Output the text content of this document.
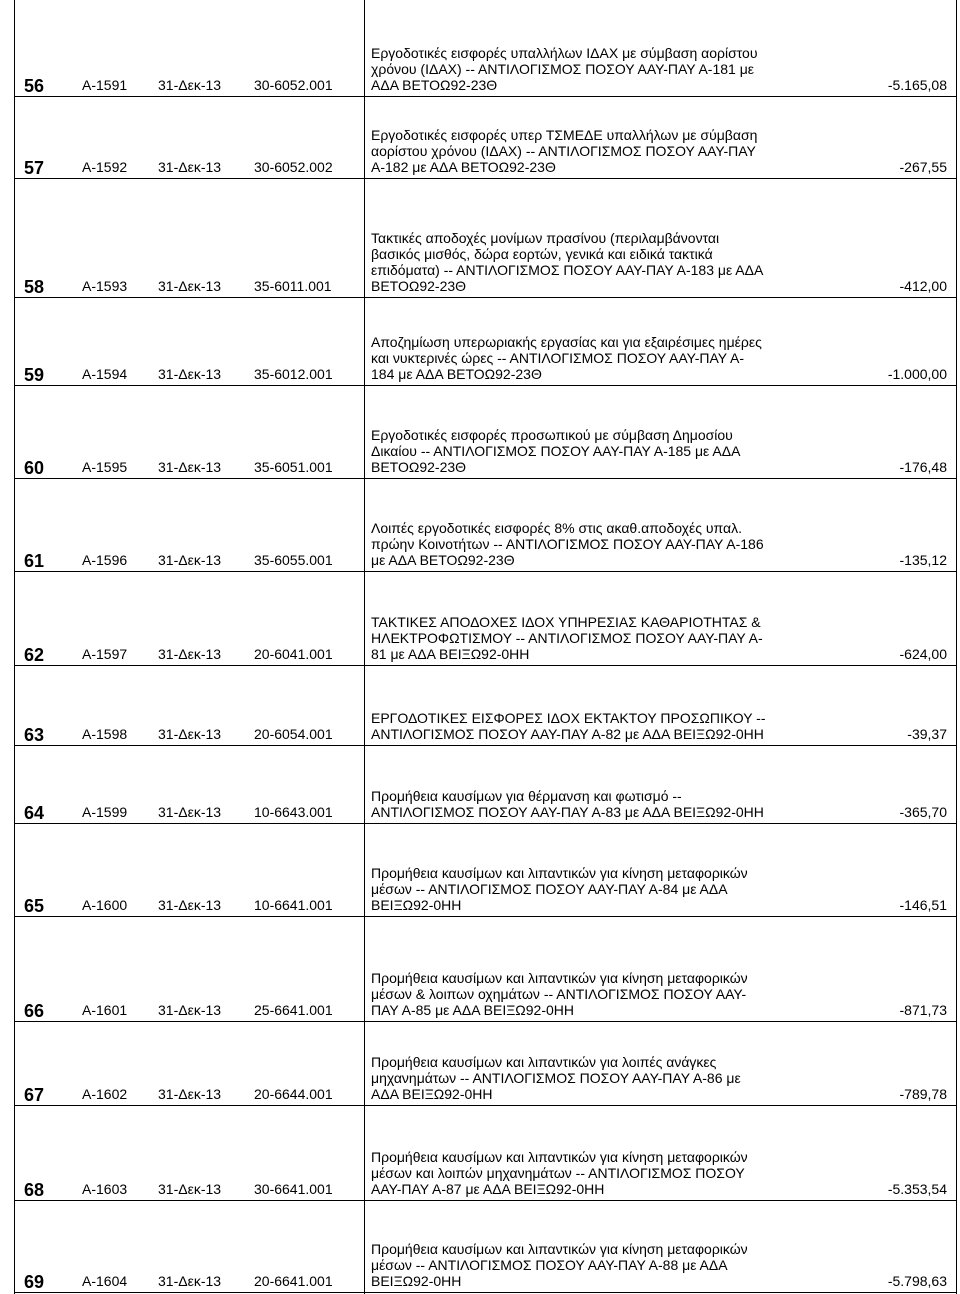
56	Α-1591 31-Δεκ-13 30-6052.001
Εργοδοτικές εισφορές υπαλλήλων ΙΔΑΧ με σύμβαση αορίστου
χρόνου (ΙΔΑΧ) -- ΑΝΤΙΛΟΓΙΣΜΟΣ ΠΟΣΟΥ ΑΑΥ-ΠΑΥ Α-181 με
ΑΔΑ ΒΕΤΟΩ92-23Θ	-5.165,08
57	Α-1592 31-Δεκ-13 30-6052.002
Εργοδοτικές εισφορές υπερ ΤΣΜΕΔΕ υπαλλήλων με σύμβαση
αορίστου χρόνου (ΙΔΑΧ) -- ΑΝΤΙΛΟΓΙΣΜΟΣ ΠΟΣΟΥ ΑΑΥ-ΠΑΥ
Α-182 με ΑΔΑ ΒΕΤΟΩ92-23Θ	-267,55
58	Α-1593 31-Δεκ-13 35-6011.001
Τακτικές αποδοχές μονίμων πρασίνου (περιλαμβάνονται
βασικός μισθός, δώρα εορτών, γενικά και ειδικά τακτικά
επιδόματα) -- ΑΝΤΙΛΟΓΙΣΜΟΣ ΠΟΣΟΥ ΑΑΥ-ΠΑΥ Α-183 με ΑΔΑ
ΒΕΤΟΩ92-23Θ	-412,00
59	Α-1594 31-Δεκ-13 35-6012.001
Αποζημίωση υπερωριακής εργασίας και για εξαιρέσιμες ημέρες
και νυκτερινές ώρες -- ΑΝΤΙΛΟΓΙΣΜΟΣ ΠΟΣΟΥ ΑΑΥ-ΠΑΥ Α-
184 με ΑΔΑ ΒΕΤΟΩ92-23Θ	-1.000,00
60	Α-1595 31-Δεκ-13 35-6051.001
Εργοδοτικές εισφορές προσωπικού με σύμβαση Δημοσίου
Δικαίου -- ΑΝΤΙΛΟΓΙΣΜΟΣ ΠΟΣΟΥ ΑΑΥ-ΠΑΥ Α-185 με ΑΔΑ
ΒΕΤΟΩ92-23Θ	-176,48
61	Α-1596 31-Δεκ-13 35-6055.001
Λοιπές εργοδοτικές εισφορές 8% στις ακαθ.αποδοχές υπαλ.
πρώην Κοινοτήτων -- ΑΝΤΙΛΟΓΙΣΜΟΣ ΠΟΣΟΥ ΑΑΥ-ΠΑΥ Α-186
με ΑΔΑ ΒΕΤΟΩ92-23Θ	-135,12
62	Α-1597 31-Δεκ-13 20-6041.001
ΤΑΚΤΙΚΕΣ ΑΠΟΔΟΧΕΣ ΙΔΟΧ ΥΠΗΡΕΣΙΑΣ ΚΑΘΑΡΙΟΤΗΤΑΣ &
ΗΛΕΚΤΡΟΦΩΤΙΣΜΟΥ -- ΑΝΤΙΛΟΓΙΣΜΟΣ ΠΟΣΟΥ ΑΑΥ-ΠΑΥ Α-
81 με ΑΔΑ ΒΕΙΞΩ92-0ΗΗ	-624,00
63	Α-1598 31-Δεκ-13 20-6054.001
ΕΡΓΟΔΟΤΙΚΕΣ ΕΙΣΦΟΡΕΣ ΙΔΟΧ ΕΚΤΑΚΤΟΥ ΠΡΟΣΩΠΙΚΟΥ --
ΑΝΤΙΛΟΓΙΣΜΟΣ ΠΟΣΟΥ ΑΑΥ-ΠΑΥ Α-82 με ΑΔΑ ΒΕΙΞΩ92-0ΗΗ	-39,37
64	Α-1599 31-Δεκ-13 10-6643.001
Προμήθεια καυσίμων για θέρμανση και φωτισμό --
ΑΝΤΙΛΟΓΙΣΜΟΣ ΠΟΣΟΥ ΑΑΥ-ΠΑΥ Α-83 με ΑΔΑ ΒΕΙΞΩ92-0ΗΗ	-365,70
65	Α-1600 31-Δεκ-13 10-6641.001
Προμήθεια καυσίμων και λιπαντικών για κίνηση μεταφορικών
μέσων -- ΑΝΤΙΛΟΓΙΣΜΟΣ ΠΟΣΟΥ ΑΑΥ-ΠΑΥ Α-84 με ΑΔΑ
ΒΕΙΞΩ92-0ΗΗ	-146,51
66	Α-1601 31-Δεκ-13 25-6641.001
Προμήθεια καυσίμων και λιπαντικών για κίνηση μεταφορικών
μέσων & λοιπων οχημάτων -- ΑΝΤΙΛΟΓΙΣΜΟΣ ΠΟΣΟΥ ΑΑΥ-
ΠΑΥ Α-85 με ΑΔΑ ΒΕΙΞΩ92-0ΗΗ	-871,73
67	Α-1602 31-Δεκ-13 20-6644.001
Προμήθεια καυσίμων και λιπαντικών για λοιπές ανάγκες
μηχανημάτων -- ΑΝΤΙΛΟΓΙΣΜΟΣ ΠΟΣΟΥ ΑΑΥ-ΠΑΥ Α-86 με
ΑΔΑ ΒΕΙΞΩ92-0ΗΗ	-789,78
68	Α-1603 31-Δεκ-13 30-6641.001
Προμήθεια καυσίμων και λιπαντικών για κίνηση μεταφορικών
μέσων και λοιπών μηχανημάτων -- ΑΝΤΙΛΟΓΙΣΜΟΣ ΠΟΣΟΥ
ΑΑΥ-ΠΑΥ Α-87 με ΑΔΑ ΒΕΙΞΩ92-0ΗΗ	-5.353,54
69	Α-1604 31-Δεκ-13 20-6641.001
Προμήθεια καυσίμων και λιπαντικών για κίνηση μεταφορικών
μέσων -- ΑΝΤΙΛΟΓΙΣΜΟΣ ΠΟΣΟΥ ΑΑΥ-ΠΑΥ Α-88 με ΑΔΑ
ΒΕΙΞΩ92-0ΗΗ	-5.798,63
